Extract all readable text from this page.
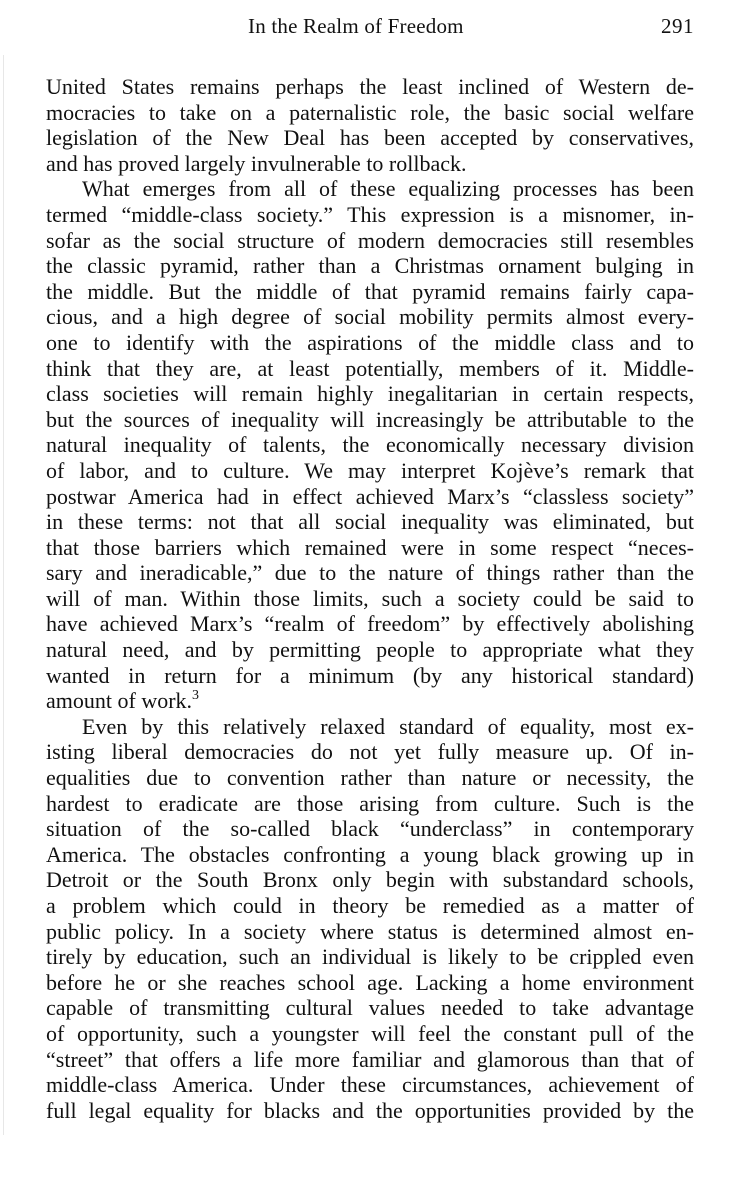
In the Realm of Freedom	291

United States remains perhaps the least inclined of Western de-
mocracies to take on a paternalistic role, the basic social welfare
legislation of the New Deal has been accepted by conservatives,
and has proved largely invulnerable to rollback.

What emerges from all of these equalizing processes has been
termed “middle-class society.” This expression is a misnomer, in-
sofar as the social structure of modern democracies still resembles
the classic pyramid, rather than a Christmas ornament bulging in
the middle. But the middle of that pyramid remains fairly capa-
cious, and a high degree of social mobility permits almost every-
one to identify with the aspirations of the middle class and to
think that they are, at least potentially, members of it. Middle-
class societies will remain highly inegalitarian in certain respects,
but the sources of inequality will increasingly be attributable to the
natural inequality of talents, the economically necessary division
of labor, and to culture. We may interpret Kojève’s remark that
postwar America had in effect achieved Marx’s “classless society”
in these terms: not that all social inequality was eliminated, but
that those barriers which remained were in some respect “neces-
sary and ineradicable,” due to the nature of things rather than the
will of man. Within those limits, such a society could be said to
have achieved Marx’s “realm of freedom” by effectively abolishing
natural need, and by permitting people to appropriate what they
wanted in return for a minimum (by any historical standard)
amount of work.$^3$

Even by this relatively relaxed standard of equality, most ex-
isting liberal democracies do not yet fully measure up. Of in-
equalities due to convention rather than nature or necessity, the
hardest to eradicate are those arising from culture. Such is the
situation of the so-called black “underclass” in contemporary
America. The obstacles confronting a young black growing up in
Detroit or the South Bronx only begin with substandard schools,
a problem which could in theory be remedied as a matter of
public policy. In a society where status is determined almost en-
tirely by education, such an individual is likely to be crippled even
before he or she reaches school age. Lacking a home environment
capable of transmitting cultural values needed to take advantage
of opportunity, such a youngster will feel the constant pull of the
“street” that offers a life more familiar and glamorous than that of
middle-class America. Under these circumstances, achievement of
full legal equality for blacks and the opportunities provided by the
